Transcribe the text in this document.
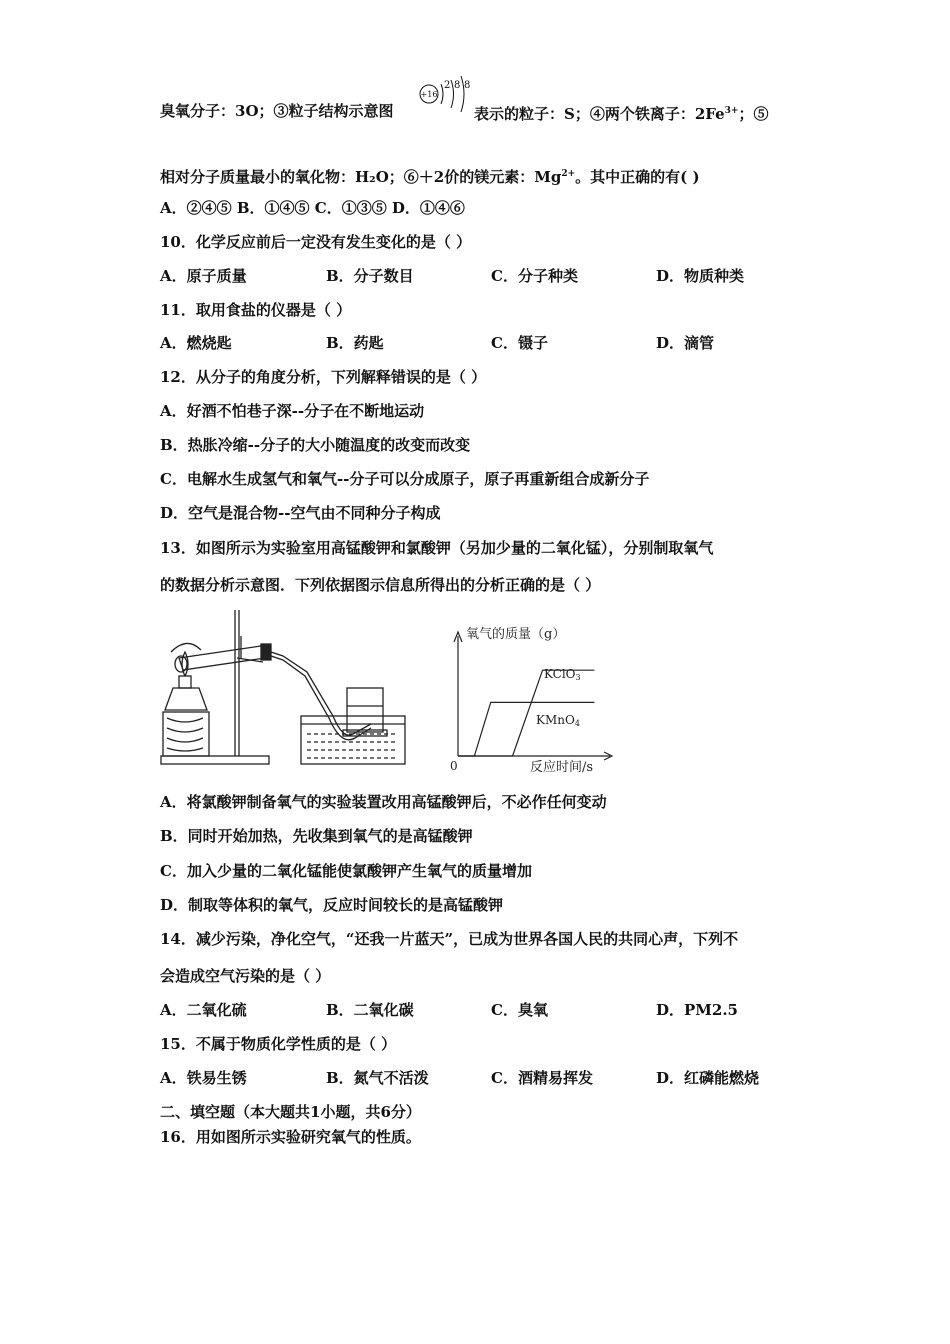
臭氧分子：3O；③粒子结构示意图
+16
2 8 8
表示的粒子：S；④两个铁离子：$2Fe^{3+}$；⑤
相对分子质量最小的氧化物：H₂O；⑥＋2价的镁元素：$Mg^{2+}$。其中正确的有( )
A．②④⑤ B．①④⑤ C．①③⑤ D．①④⑥
10．化学反应前后一定没有发生变化的是（ ）
A．原子质量	B．分子数目	C．分子种类	D．物质种类
11．取用食盐的仪器是（ ）
A．燃烧匙	B．药匙	C．镊子	D．滴管
12．从分子的角度分析，下列解释错误的是（ ）
A．好酒不怕巷子深--分子在不断地运动
B．热胀冷缩--分子的大小随温度的改变而改变
C．电解水生成氢气和氧气--分子可以分成原子，原子再重新组合成新分子
D．空气是混合物--空气由不同种分子构成
13．如图所示为实验室用高锰酸钾和氯酸钾（另加少量的二氧化锰），分别制取氧气
的数据分析示意图．下列依据图示信息所得出的分析正确的是（ ）
氧气的质量（g）
0	反应时间/s
KClO3
KMnO4
A．将氯酸钾制备氧气的实验装置改用高锰酸钾后，不必作任何变动
B．同时开始加热，先收集到氧气的是高锰酸钾
C．加入少量的二氧化锰能使氯酸钾产生氧气的质量增加
D．制取等体积的氧气，反应时间较长的是高锰酸钾
14．减少污染，净化空气，“还我一片蓝天”，已成为世界各国人民的共同心声，下列不
会造成空气污染的是（ ）
A．二氧化硫	B．二氧化碳	C．臭氧	D．PM2.5
15．不属于物质化学性质的是（ ）
A．铁易生锈	B．氮气不活泼	C．酒精易挥发	D．红磷能燃烧
二、填空题（本大题共1小题，共6分）
16．用如图所示实验研究氧气的性质。
